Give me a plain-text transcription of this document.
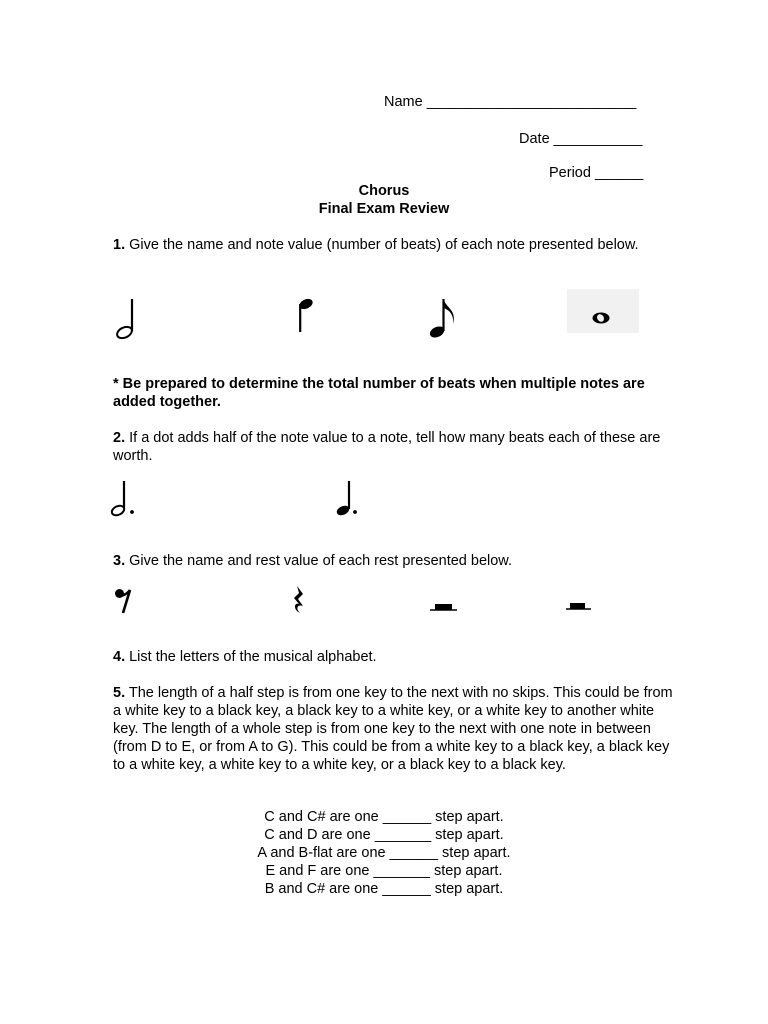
Name __________________________
Date ___________
Period ______
Chorus
Final Exam Review
1. Give the name and note value (number of beats) of each note presented below.
* Be prepared to determine the total number of beats when multiple notes are added together.
2. If a dot adds half of the note value to a note, tell how many beats each of these are worth.
3. Give the name and rest value of each rest presented below.
4. List the letters of the musical alphabet.
5. The length of a half step is from one key to the next with no skips. This could be from a white key to a black key, a black key to a white key, or a white key to another white key. The length of a whole step is from one key to the next with one note in between (from D to E, or from A to G). This could be from a white key to a black key, a black key to a white key, a white key to a white key, or a black key to a black key.
C and C# are one ______ step apart.
C and D are one _______ step apart.
A and B-flat are one ______ step apart.
E and F are one _______ step apart.
B and C# are one ______ step apart.
